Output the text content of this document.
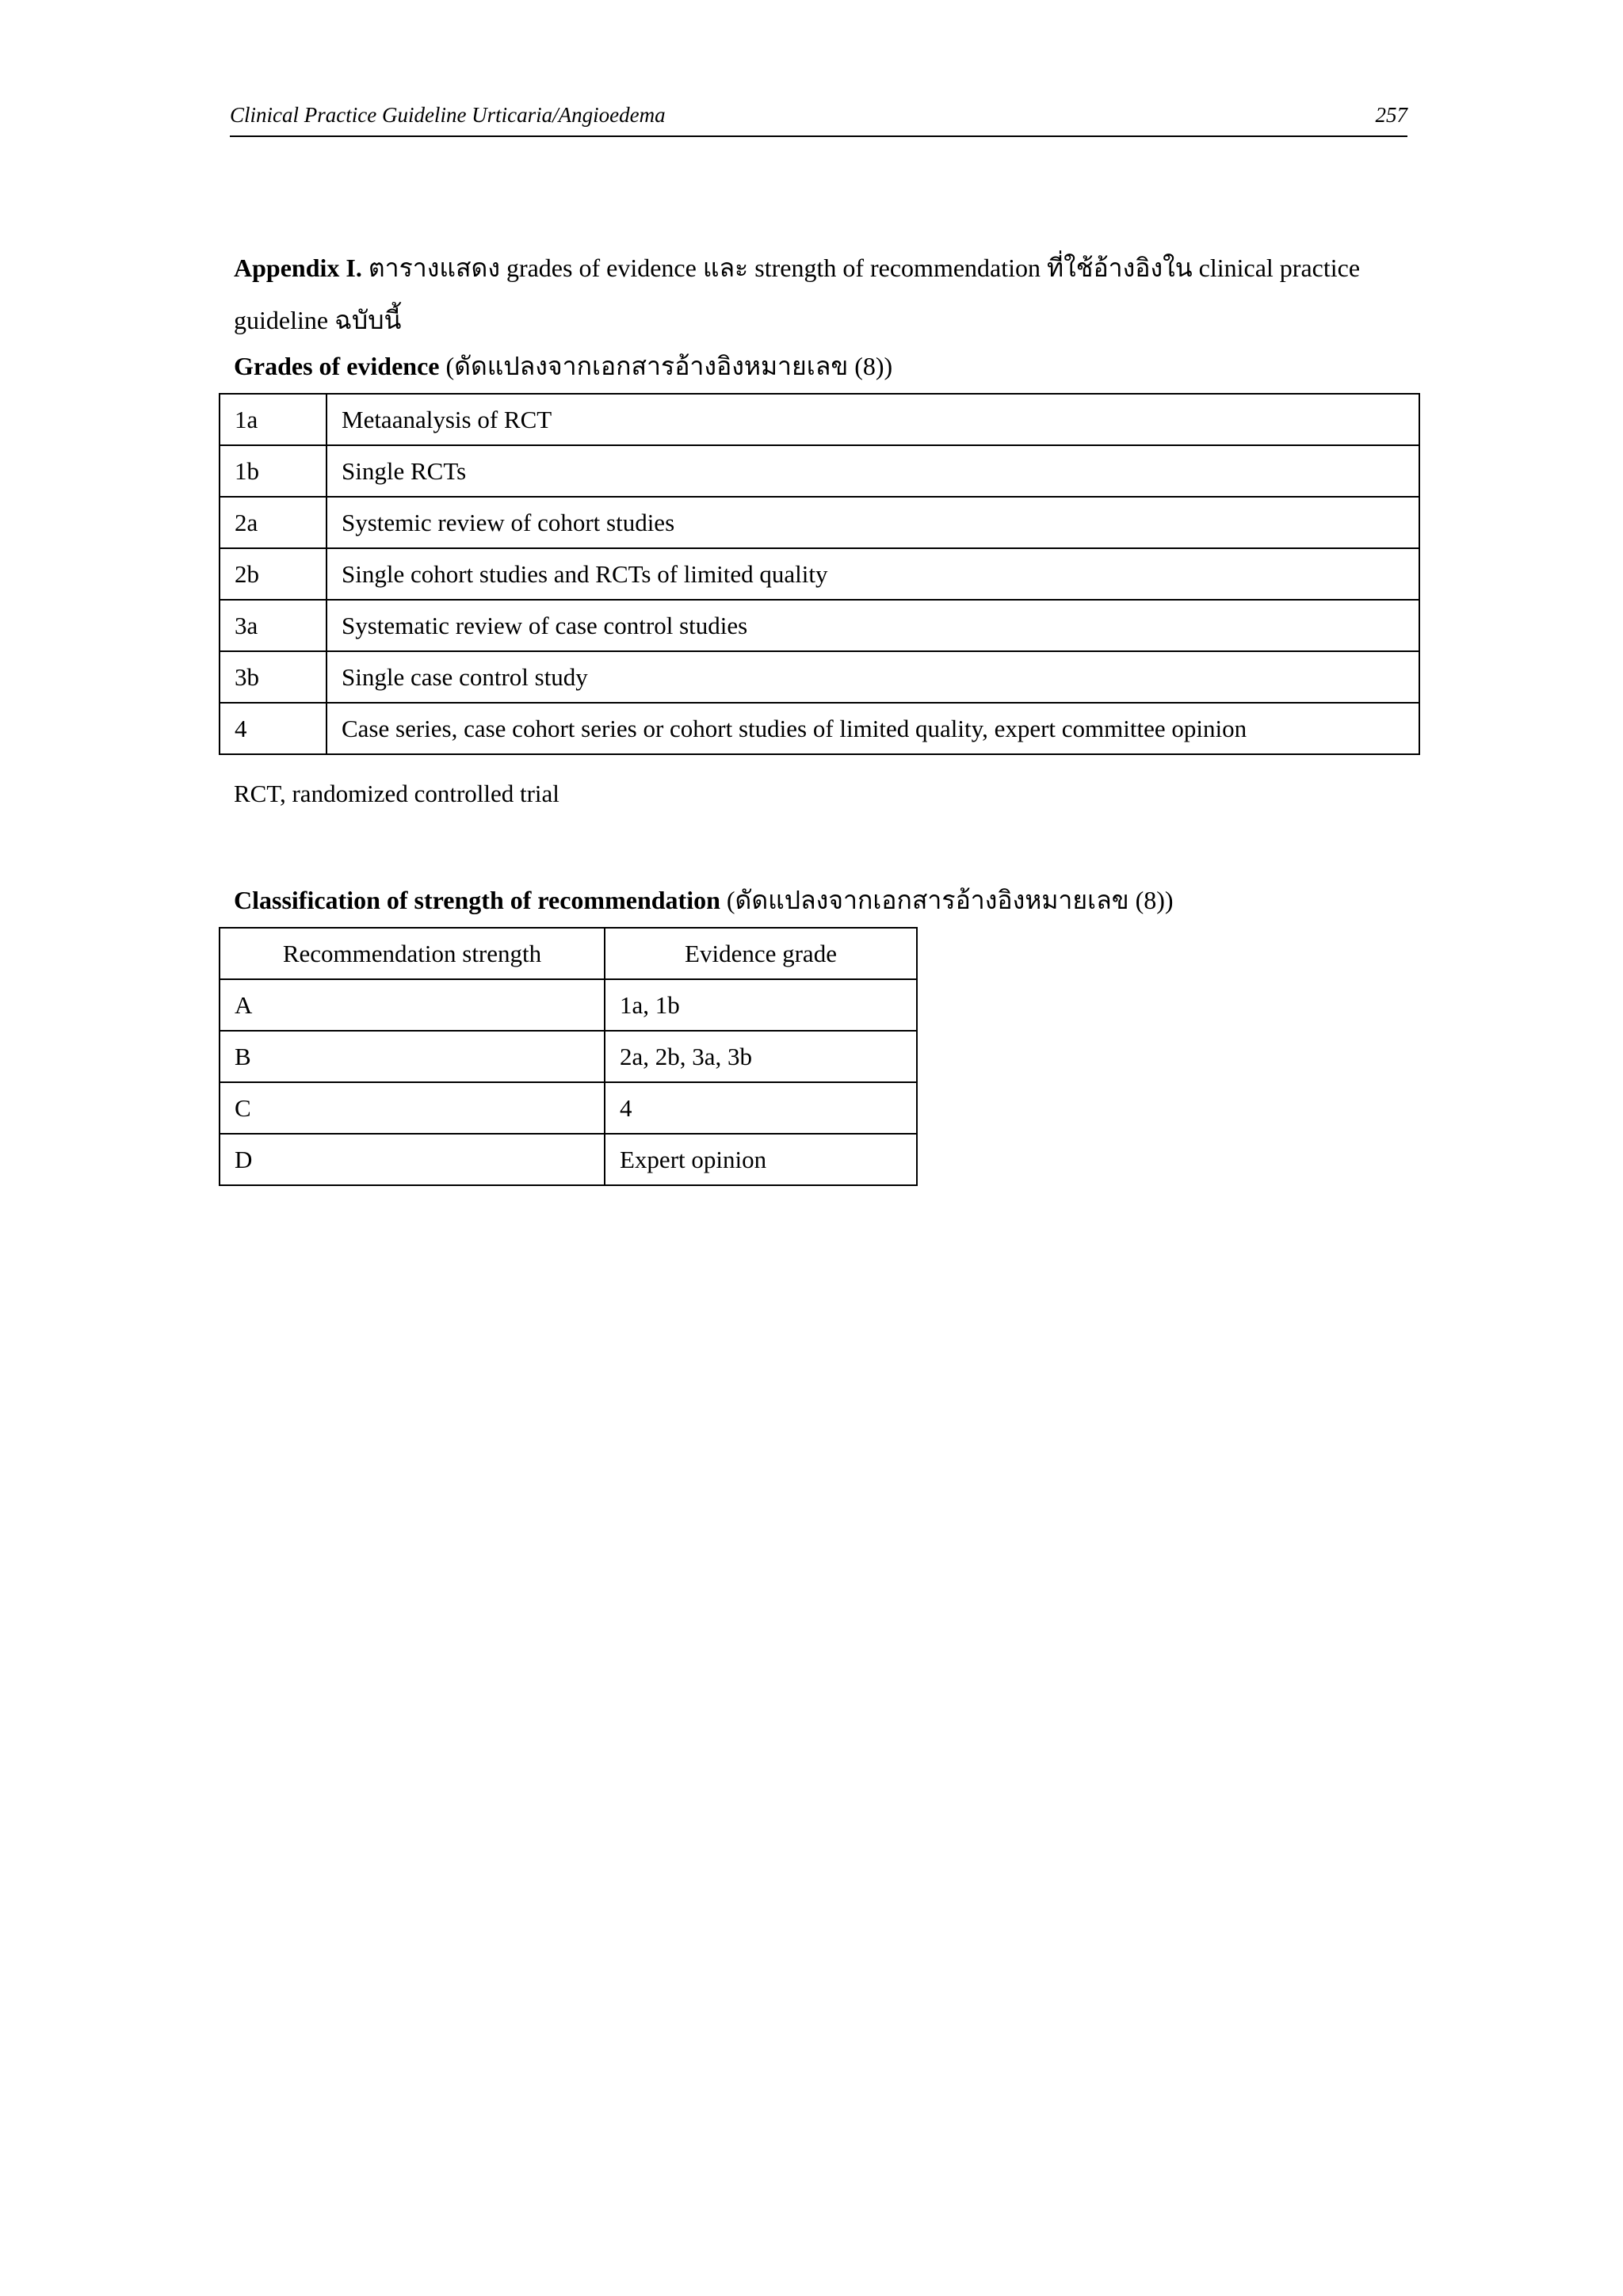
Clinical Practice Guideline Urticaria/Angioedema	257

Appendix I. ตารางแสดง grades of evidence และ strength of recommendation ที่ใช้อ้างอิงใน clinical practice guideline ฉบับนี้

Grades of evidence (ดัดแปลงจากเอกสารอ้างอิงหมายเลข (8))
1a	Metaanalysis of RCT
1b	Single RCTs
2a	Systemic review of cohort studies
2b	Single cohort studies and RCTs of limited quality
3a	Systematic review of case control studies
3b	Single case control study
4	Case series, case cohort series or cohort studies of limited quality, expert committee opinion
RCT, randomized controlled trial
Classification of strength of recommendation (ดัดแปลงจากเอกสารอ้างอิงหมายเลข (8))
Recommendation strength	Evidence grade
A	1a, 1b
B	2a, 2b, 3a, 3b
C	4
D	Expert opinion
